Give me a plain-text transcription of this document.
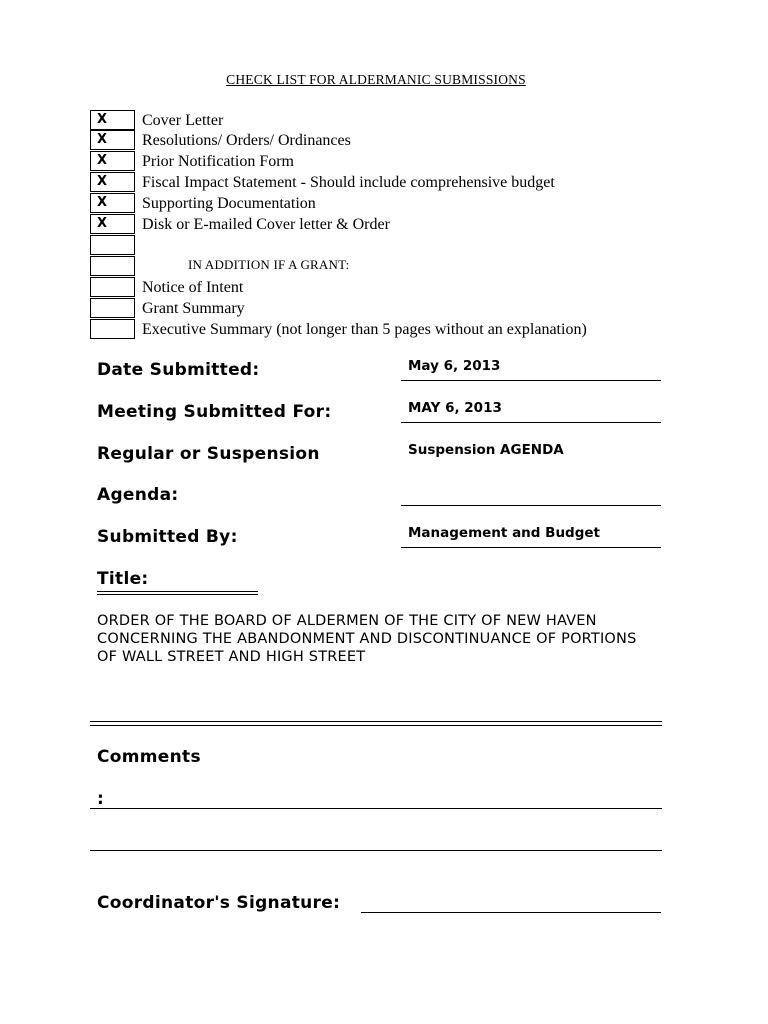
CHECK LIST FOR ALDERMANIC SUBMISSIONS
X Cover Letter
X Resolutions/ Orders/ Ordinances
X Prior Notification Form
X Fiscal Impact Statement - Should include comprehensive budget
X Supporting Documentation
X Disk or E-mailed Cover letter & Order
IN ADDITION IF A GRANT:
Notice of Intent
Grant Summary
Executive Summary (not longer than 5 pages without an explanation)
Date Submitted:	May 6, 2013
Meeting Submitted For:	MAY 6, 2013
Regular or Suspension	Suspension AGENDA
Agenda:
Submitted By:	Management and Budget
Title:
ORDER OF THE BOARD OF ALDERMEN OF THE CITY OF NEW HAVEN
CONCERNING THE ABANDONMENT AND DISCONTINUANCE OF PORTIONS OF WALL STREET AND HIGH STREET
Comments
:
Coordinator's Signature:
